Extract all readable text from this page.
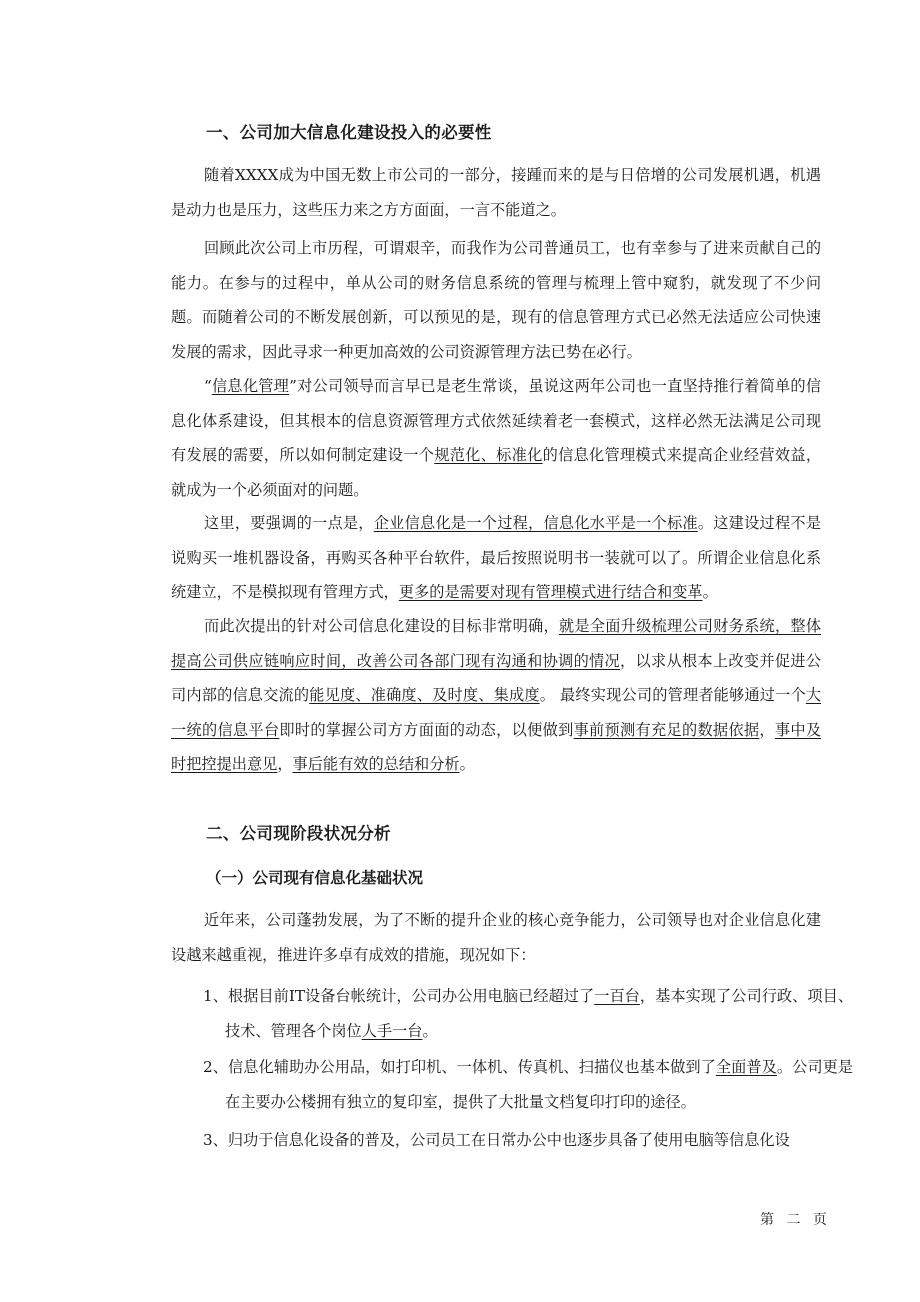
一、公司加大信息化建设投入的必要性

随着XXXX成为中国无数上市公司的一部分，接踵而来的是与日倍增的公司发展机遇，机遇是动力也是压力，这些压力来之方方面面，一言不能道之。

回顾此次公司上市历程，可谓艰辛，而我作为公司普通员工，也有幸参与了进来贡献自己的能力。在参与的过程中，单从公司的财务信息系统的管理与梳理上管中窥豹，就发现了不少问题。而随着公司的不断发展创新，可以预见的是，现有的信息管理方式已必然无法适应公司快速发展的需求，因此寻求一种更加高效的公司资源管理方法已势在必行。

“信息化管理”对公司领导而言早已是老生常谈，虽说这两年公司也一直坚持推行着简单的信息化体系建设，但其根本的信息资源管理方式依然延续着老一套模式，这样必然无法满足公司现有发展的需要，所以如何制定建设一个规范化、标准化的信息化管理模式来提高企业经营效益，就成为一个必须面对的问题。

这里，要强调的一点是，企业信息化是一个过程，信息化水平是一个标准。这建设过程不是说购买一堆机器设备，再购买各种平台软件，最后按照说明书一装就可以了。所谓企业信息化系统建立，不是模拟现有管理方式，更多的是需要对现有管理模式进行结合和变革。

而此次提出的针对公司信息化建设的目标非常明确，就是全面升级梳理公司财务系统，整体提高公司供应链响应时间，改善公司各部门现有沟通和协调的情况，以求从根本上改变并促进公司内部的信息交流的能见度、准确度、及时度、集成度。 最终实现公司的管理者能够通过一个大一统的信息平台即时的掌握公司方方面面的动态，以便做到事前预测有充足的数据依据，事中及时把控提出意见，事后能有效的总结和分析。

二、公司现阶段状况分析
（一）公司现有信息化基础状况

近年来，公司蓬勃发展，为了不断的提升企业的核心竞争能力，公司领导也对企业信息化建设越来越重视，推进许多卓有成效的措施，现况如下：

1、根据目前IT设备台帐统计，公司办公用电脑已经超过了一百台，基本实现了公司行政、项目、技术、管理各个岗位人手一台。

2、信息化辅助办公用品，如打印机、一体机、传真机、扫描仪也基本做到了全面普及。公司更是在主要办公楼拥有独立的复印室，提供了大批量文档复印打印的途径。

3、归功于信息化设备的普及，公司员工在日常办公中也逐步具备了使用电脑等信息化设

第 二 页
